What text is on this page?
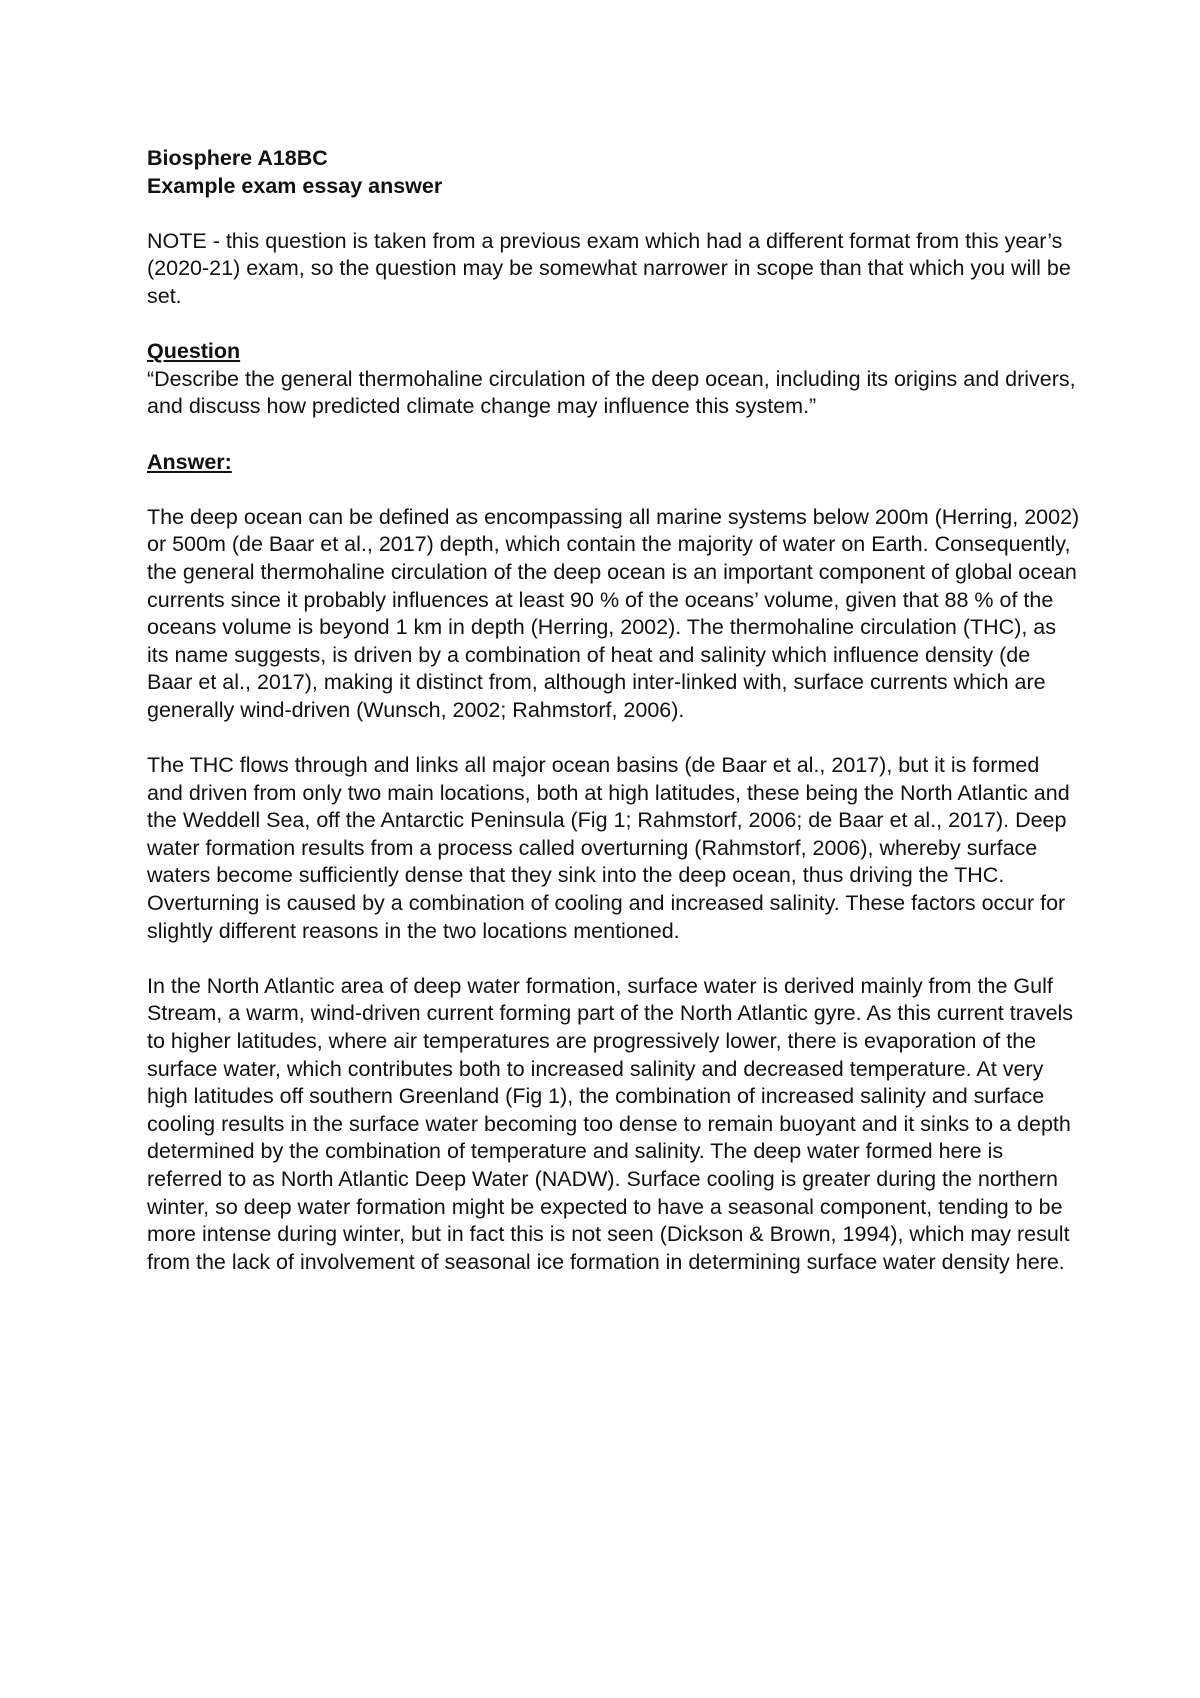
Biosphere A18BC
Example exam essay answer

NOTE - this question is taken from a previous exam which had a different format from this year’s (2020-21) exam, so the question may be somewhat narrower in scope than that which you will be set.

Question

“Describe the general thermohaline circulation of the deep ocean, including its origins and drivers, and discuss how predicted climate change may influence this system.”

Answer:

The deep ocean can be defined as encompassing all marine systems below 200m (Herring, 2002) or 500m (de Baar et al., 2017) depth, which contain the majority of water on Earth. Consequently, the general thermohaline circulation of the deep ocean is an important component of global ocean currents since it probably influences at least 90 % of the oceans’ volume, given that 88 % of the oceans volume is beyond 1 km in depth (Herring, 2002). The thermohaline circulation (THC), as its name suggests, is driven by a combination of heat and salinity which influence density (de Baar et al., 2017), making it distinct from, although inter-linked with, surface currents which are generally wind-driven (Wunsch, 2002; Rahmstorf, 2006).

The THC flows through and links all major ocean basins (de Baar et al., 2017), but it is formed and driven from only two main locations, both at high latitudes, these being the North Atlantic and the Weddell Sea, off the Antarctic Peninsula (Fig 1; Rahmstorf, 2006; de Baar et al., 2017). Deep water formation results from a process called overturning (Rahmstorf, 2006), whereby surface waters become sufficiently dense that they sink into the deep ocean, thus driving the THC. Overturning is caused by a combination of cooling and increased salinity. These factors occur for slightly different reasons in the two locations mentioned.

In the North Atlantic area of deep water formation, surface water is derived mainly from the Gulf Stream, a warm, wind-driven current forming part of the North Atlantic gyre. As this current travels to higher latitudes, where air temperatures are progressively lower, there is evaporation of the surface water, which contributes both to increased salinity and decreased temperature. At very high latitudes off southern Greenland (Fig 1), the combination of increased salinity and surface cooling results in the surface water becoming too dense to remain buoyant and it sinks to a depth determined by the combination of temperature and salinity. The deep water formed here is referred to as North Atlantic Deep Water (NADW). Surface cooling is greater during the northern winter, so deep water formation might be expected to have a seasonal component, tending to be more intense during winter, but in fact this is not seen (Dickson & Brown, 1994), which may result from the lack of involvement of seasonal ice formation in determining surface water density here.
